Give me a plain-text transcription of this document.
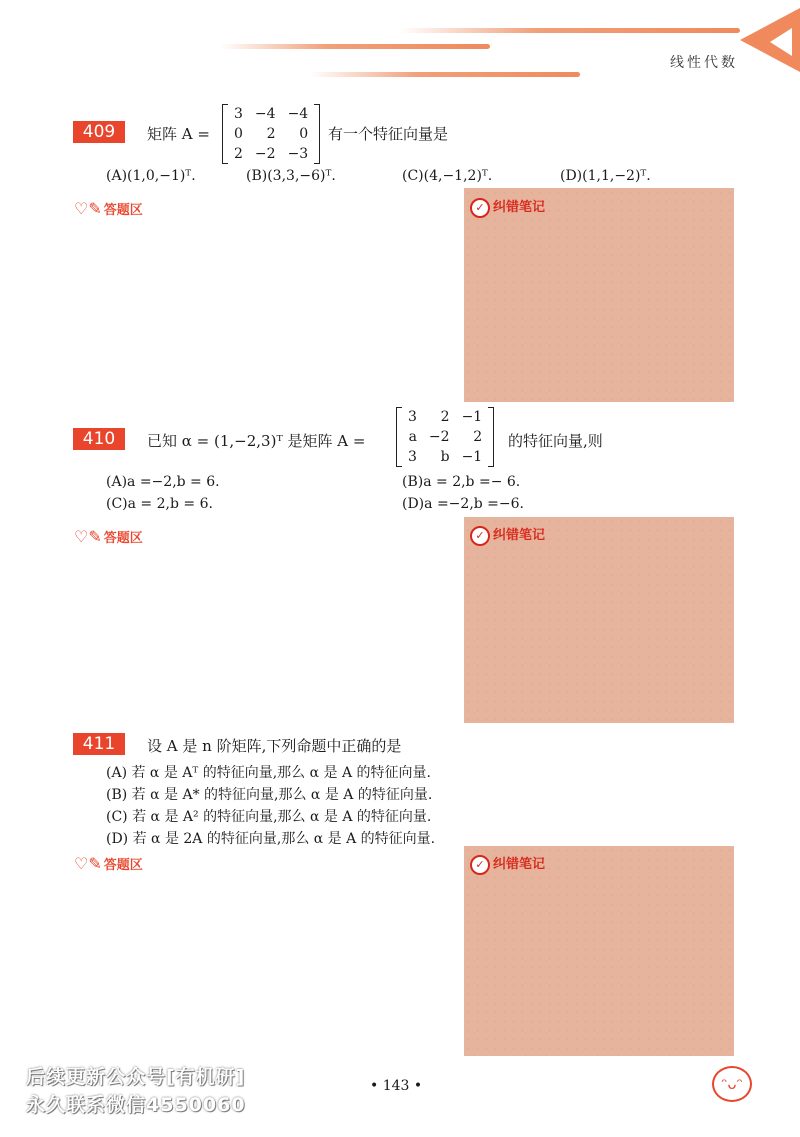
线性代数
409	矩阵 A =
3	−4	−4
0	2	0
2	−2	−3
有一个特征向量是
(A)(1,0,−1)ᵀ.	(B)(3,3,−6)ᵀ.	(C)(4,−1,2)ᵀ.	(D)(1,1,−2)ᵀ.
♡✎ 答题区	✓ 纠错笔记
410	已知 α = (1,−2,3)ᵀ 是矩阵 A =
3	2	−1
a	−2	2
3	b	−1
的特征向量,则
(A)a =−2,b = 6.	(B)a = 2,b =− 6.
(C)a = 2,b = 6.	(D)a =−2,b =−6.
♡✎ 答题区	✓ 纠错笔记
411	设 A 是 n 阶矩阵,下列命题中正确的是
(A) 若 α 是 Aᵀ 的特征向量,那么 α 是 A 的特征向量.
(B) 若 α 是 A* 的特征向量,那么 α 是 A 的特征向量.
(C) 若 α 是 A² 的特征向量,那么 α 是 A 的特征向量.
(D) 若 α 是 2A 的特征向量,那么 α 是 A 的特征向量.
♡✎ 答题区	✓ 纠错笔记
• 143 •
后续更新公众号[有机研]
永久联系微信4550060
ᵔᴗᵔ
